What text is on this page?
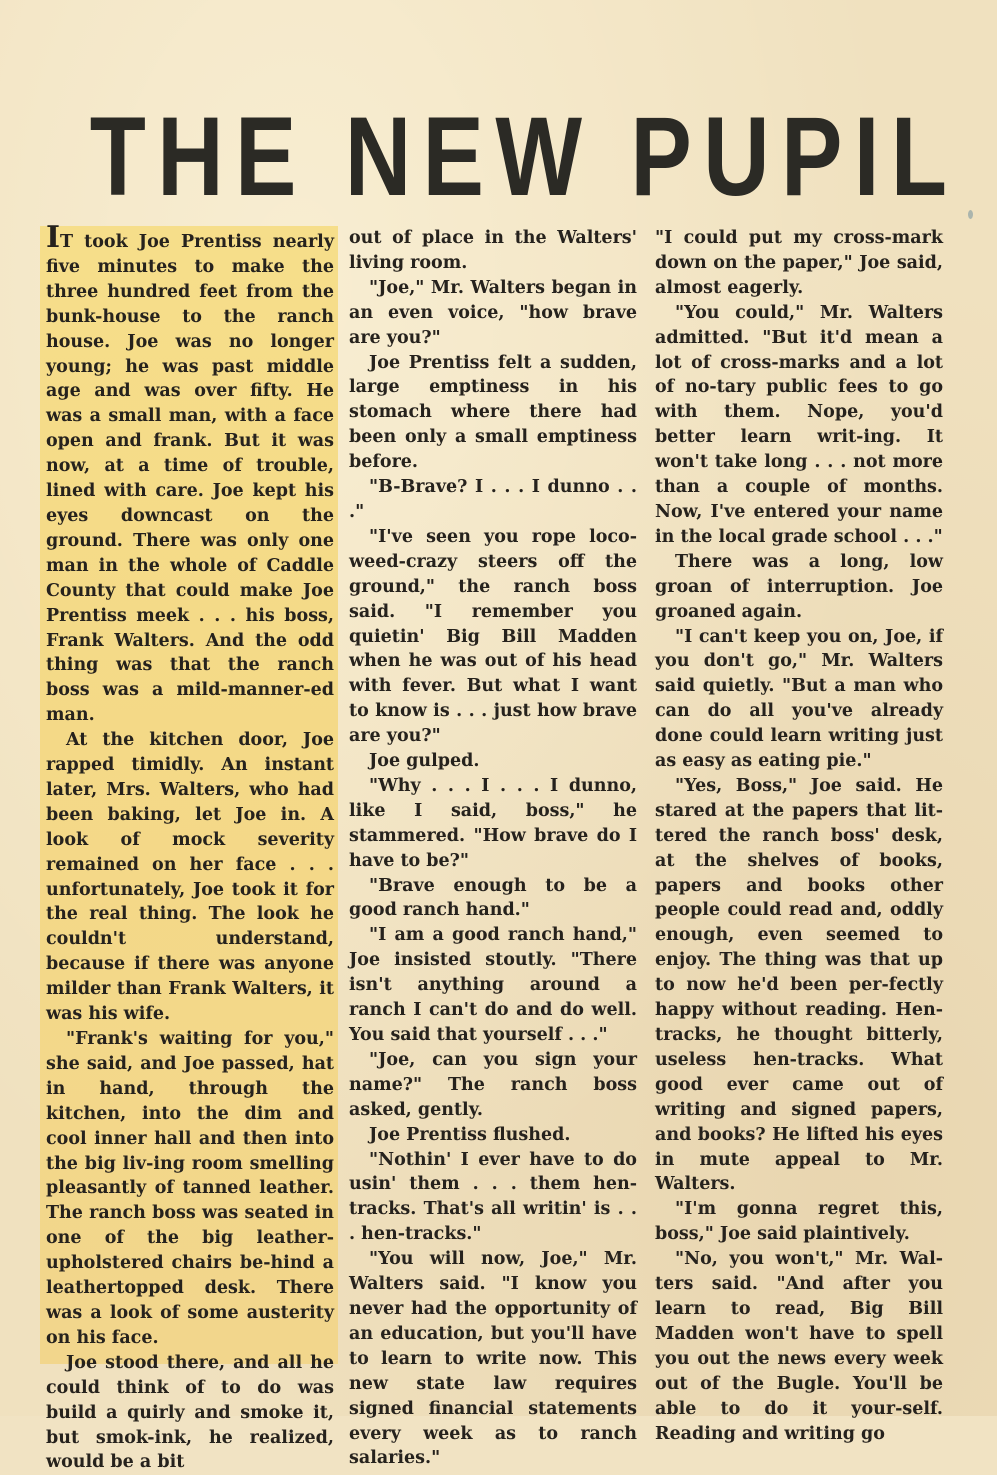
THE NEW PUPIL

IT took Joe Prentiss nearly five minutes to make the three hundred feet from the bunk-house to the ranch house. Joe was no longer young; he was past middle age and was over fifty. He was a small man, with a face open and frank. But it was now, at a time of trouble, lined with care. Joe kept his eyes downcast on the ground. There was only one man in the whole of Caddle County that could make Joe Prentiss meek . . . his boss, Frank Walters. And the odd thing was that the ranch boss was a mild-manner-ed man.

At the kitchen door, Joe rapped timidly. An instant later, Mrs. Walters, who had been baking, let Joe in. A look of mock severity remained on her face . . . unfortunately, Joe took it for the real thing. The look he couldn't understand, because if there was anyone milder than Frank Walters, it was his wife.

"Frank's waiting for you," she said, and Joe passed, hat in hand, through the kitchen, into the dim and cool inner hall and then into the big liv-ing room smelling pleasantly of tanned leather. The ranch boss was seated in one of the big leather-upholstered chairs be-hind a leathertopped desk. There was a look of some austerity on his face.

Joe stood there, and all he could think of to do was build a quirly and smoke it, but smok-ink, he realized, would be a bit

out of place in the Walters' living room.

"Joe," Mr. Walters began in an even voice, "how brave are you?"

Joe Prentiss felt a sudden, large emptiness in his stomach where there had been only a small emptiness before.

"B-Brave? I . . . I dunno . . ."

"I've seen you rope loco-weed-crazy steers off the ground," the ranch boss said. "I remember you quietin' Big Bill Madden when he was out of his head with fever. But what I want to know is . . . just how brave are you?"

Joe gulped.

"Why . . . I . . . I dunno, like I said, boss," he stammered. "How brave do I have to be?"

"Brave enough to be a good ranch hand."

"I am a good ranch hand," Joe insisted stoutly. "There isn't anything around a ranch I can't do and do well. You said that yourself . . ."

"Joe, can you sign your name?" The ranch boss asked, gently.

Joe Prentiss flushed.

"Nothin' I ever have to do usin' them . . . them hen-tracks. That's all writin' is . . . hen-tracks."

"You will now, Joe," Mr. Walters said. "I know you never had the opportunity of an education, but you'll have to learn to write now. This new state law requires signed financial statements every week as to ranch salaries."

"I could put my cross-mark down on the paper," Joe said, almost eagerly.

"You could," Mr. Walters admitted. "But it'd mean a lot of cross-marks and a lot of no-tary public fees to go with them. Nope, you'd better learn writ-ing. It won't take long . . . not more than a couple of months. Now, I've entered your name in the local grade school . . ."

There was a long, low groan of interruption. Joe groaned again.

"I can't keep you on, Joe, if you don't go," Mr. Walters said quietly. "But a man who can do all you've already done could learn writing just as easy as eating pie."

"Yes, Boss," Joe said. He stared at the papers that lit-tered the ranch boss' desk, at the shelves of books, papers and books other people could read and, oddly enough, even seemed to enjoy. The thing was that up to now he'd been per-fectly happy without reading. Hen-tracks, he thought bitterly, useless hen-tracks. What good ever came out of writing and signed papers, and books? He lifted his eyes in mute appeal to Mr. Walters.

"I'm gonna regret this, boss," Joe said plaintively.

"No, you won't," Mr. Wal-ters said. "And after you learn to read, Big Bill Madden won't have to spell you out the news every week out of the Bugle. You'll be able to do it your-self. Reading and writing go
